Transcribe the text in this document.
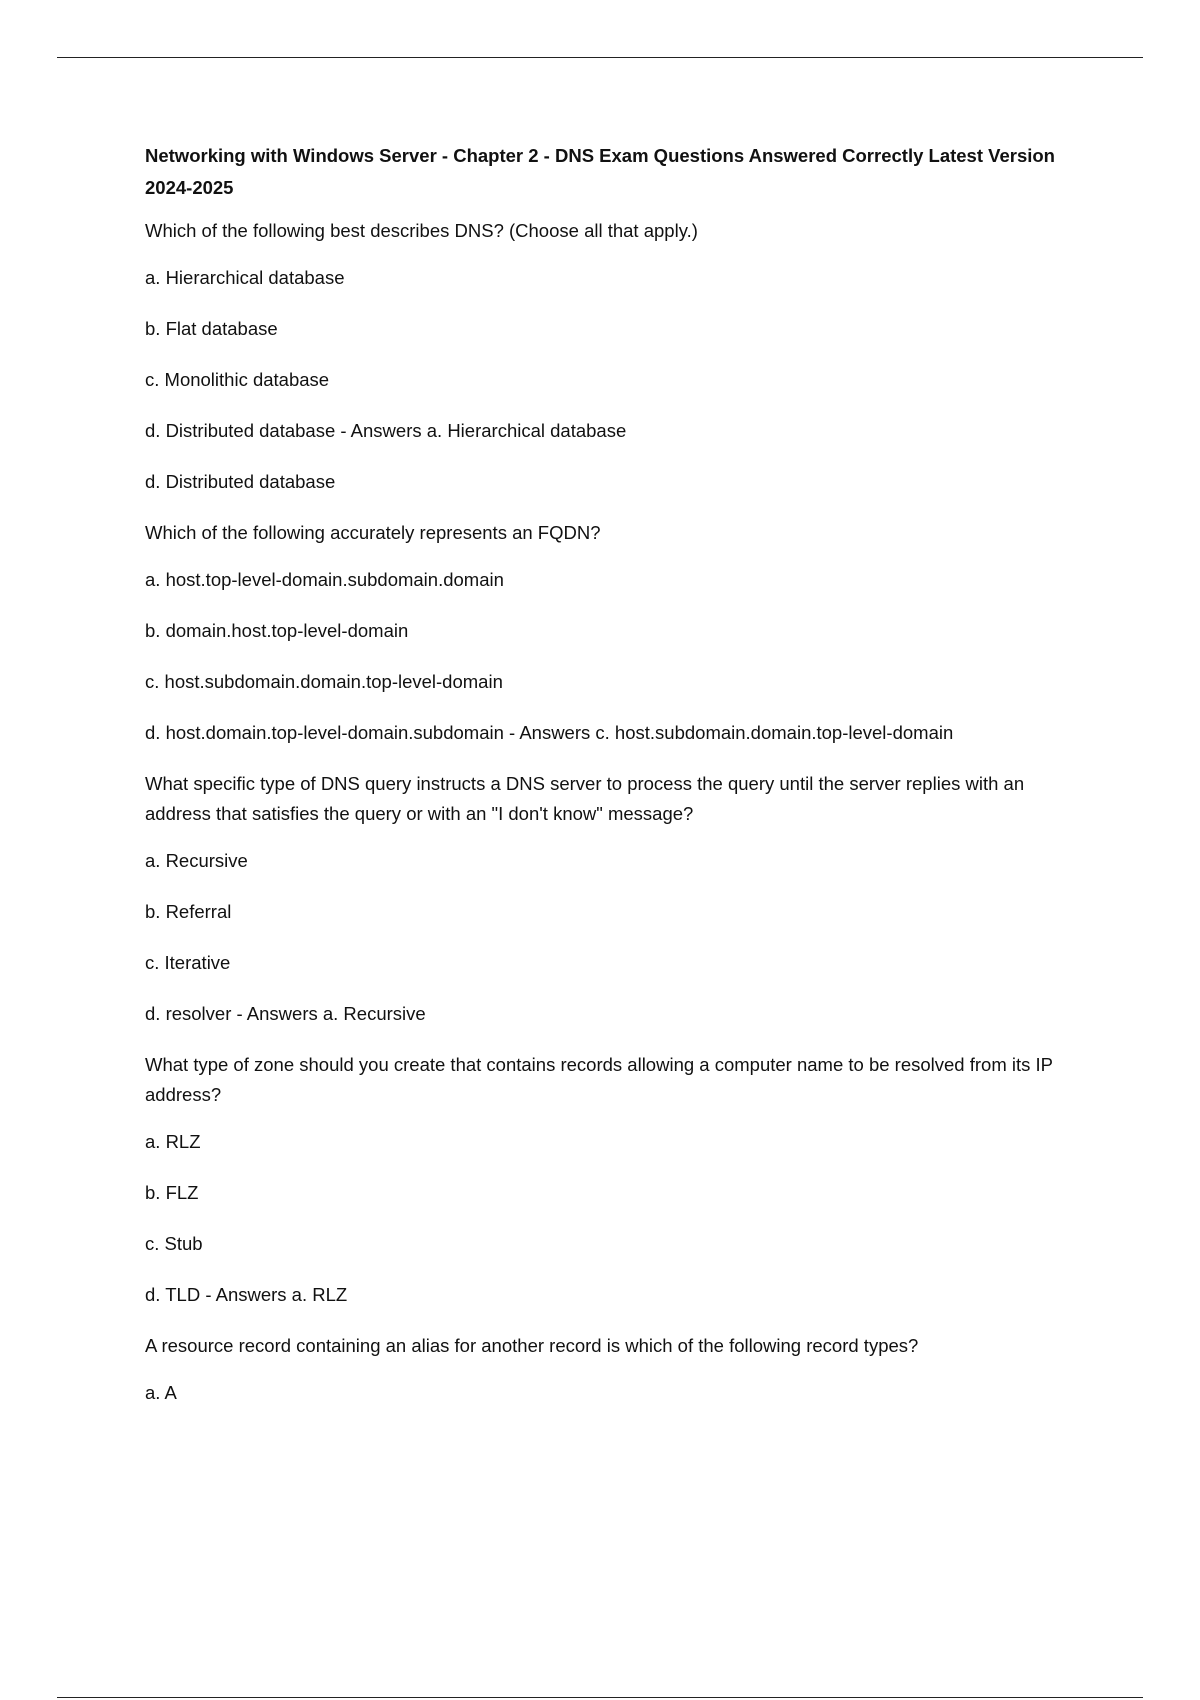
Networking with Windows Server - Chapter 2 - DNS Exam Questions Answered Correctly Latest Version 2024-2025

Which of the following best describes DNS? (Choose all that apply.)

a. Hierarchical database

b. Flat database

c. Monolithic database

d. Distributed database - Answers a. Hierarchical database

d. Distributed database

Which of the following accurately represents an FQDN?

a. host.top-level-domain.subdomain.domain

b. domain.host.top-level-domain

c. host.subdomain.domain.top-level-domain

d. host.domain.top-level-domain.subdomain - Answers c. host.subdomain.domain.top-level-domain

What specific type of DNS query instructs a DNS server to process the query until the server replies with an address that satisfies the query or with an "I don't know" message?

a. Recursive

b. Referral

c. Iterative

d. resolver - Answers a. Recursive

What type of zone should you create that contains records allowing a computer name to be resolved from its IP address?

a. RLZ

b. FLZ

c. Stub

d. TLD - Answers a. RLZ

A resource record containing an alias for another record is which of the following record types?

a. A
